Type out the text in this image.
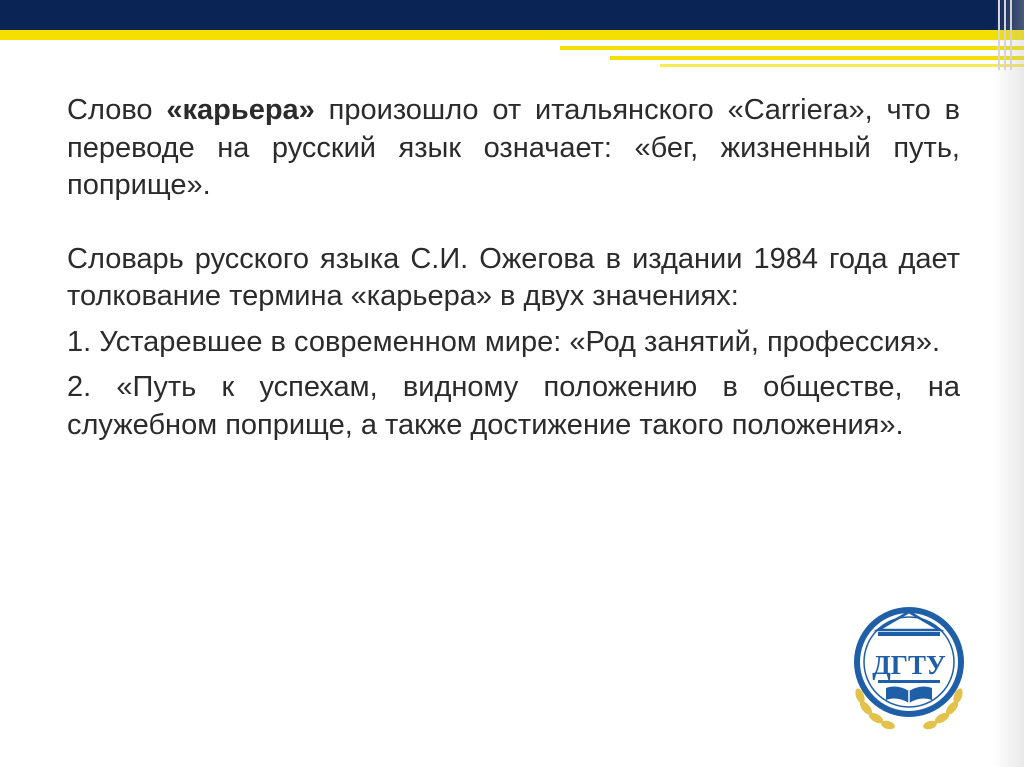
Слово «карьера» произошло от итальянского «Carriera», что в переводе на русский язык означает: «бег, жизненный путь, поприще».

Словарь русского языка С.И. Ожегова в издании 1984 года дает толкование термина «карьера» в двух значениях:

1. Устаревшее в современном мире: «Род занятий, профессия».

2. «Путь к успехам, видному положению в обществе, на служебном поприще, а также достижение такого положения».

ДГТУ
